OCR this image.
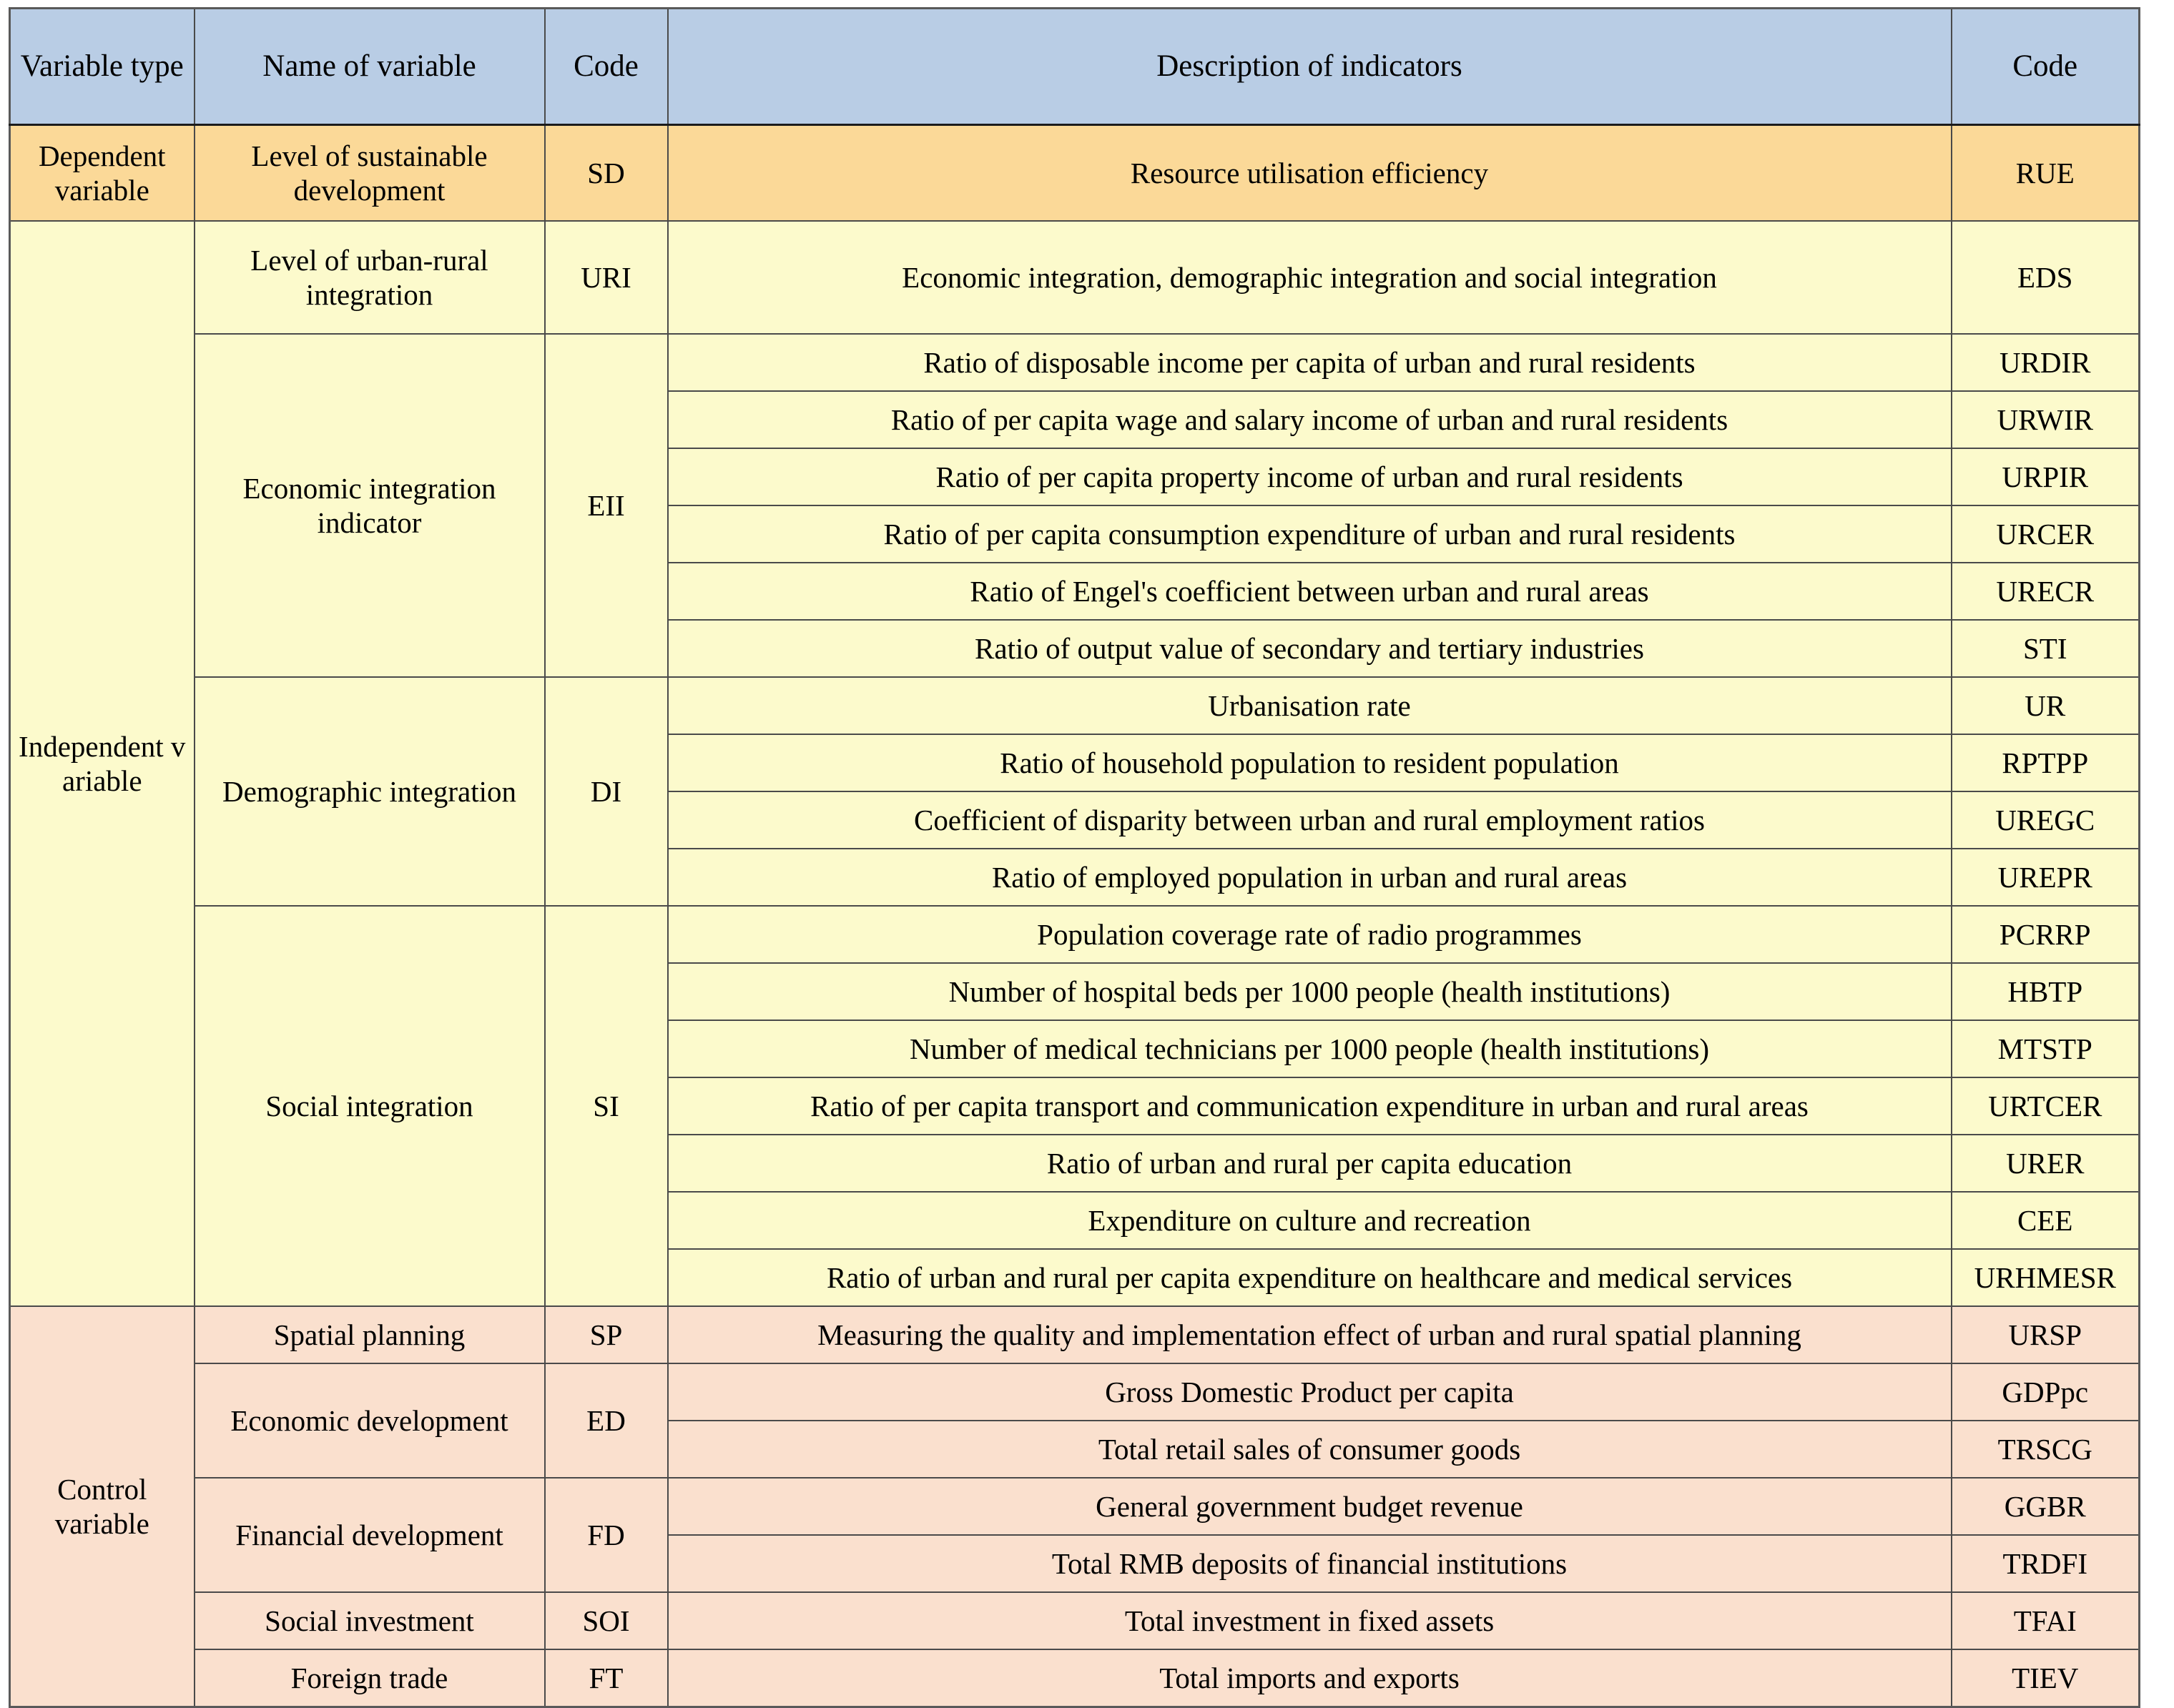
Variable type	Name of variable	Code	Description of indicators	Code
Dependent variable	Level of sustainable development	SD	Resource utilisation efficiency	RUE
Independent variable	Level of urban-rural integration	URI	Economic integration, demographic integration and social integration	EDS
	Economic integration indicator	EII	Ratio of disposable income per capita of urban and rural residents	URDIR
			Ratio of per capita wage and salary income of urban and rural residents	URWIR
			Ratio of per capita property income of urban and rural residents	URPIR
			Ratio of per capita consumption expenditure of urban and rural residents	URCER
			Ratio of Engel's coefficient between urban and rural areas	URECR
			Ratio of output value of secondary and tertiary industries	STI
	Demographic integration	DI	Urbanisation rate	UR
			Ratio of household population to resident population	RPTPP
			Coefficient of disparity between urban and rural employment ratios	UREGC
			Ratio of employed population in urban and rural areas	UREPR
	Social integration	SI	Population coverage rate of radio programmes	PCRRP
			Number of hospital beds per 1000 people (health institutions)	HBTP
			Number of medical technicians per 1000 people (health institutions)	MTSTP
			Ratio of per capita transport and communication expenditure in urban and rural areas	URTCER
			Ratio of urban and rural per capita education	URER
			Expenditure on culture and recreation	CEE
			Ratio of urban and rural per capita expenditure on healthcare and medical services	URHMESR
Control variable	Spatial planning	SP	Measuring the quality and implementation effect of urban and rural spatial planning	URSP
	Economic development	ED	Gross Domestic Product per capita	GDPpc
			Total retail sales of consumer goods	TRSCG
	Financial development	FD	General government budget revenue	GGBR
			Total RMB deposits of financial institutions	TRDFI
	Social investment	SOI	Total investment in fixed assets	TFAI
	Foreign trade	FT	Total imports and exports	TIEV
